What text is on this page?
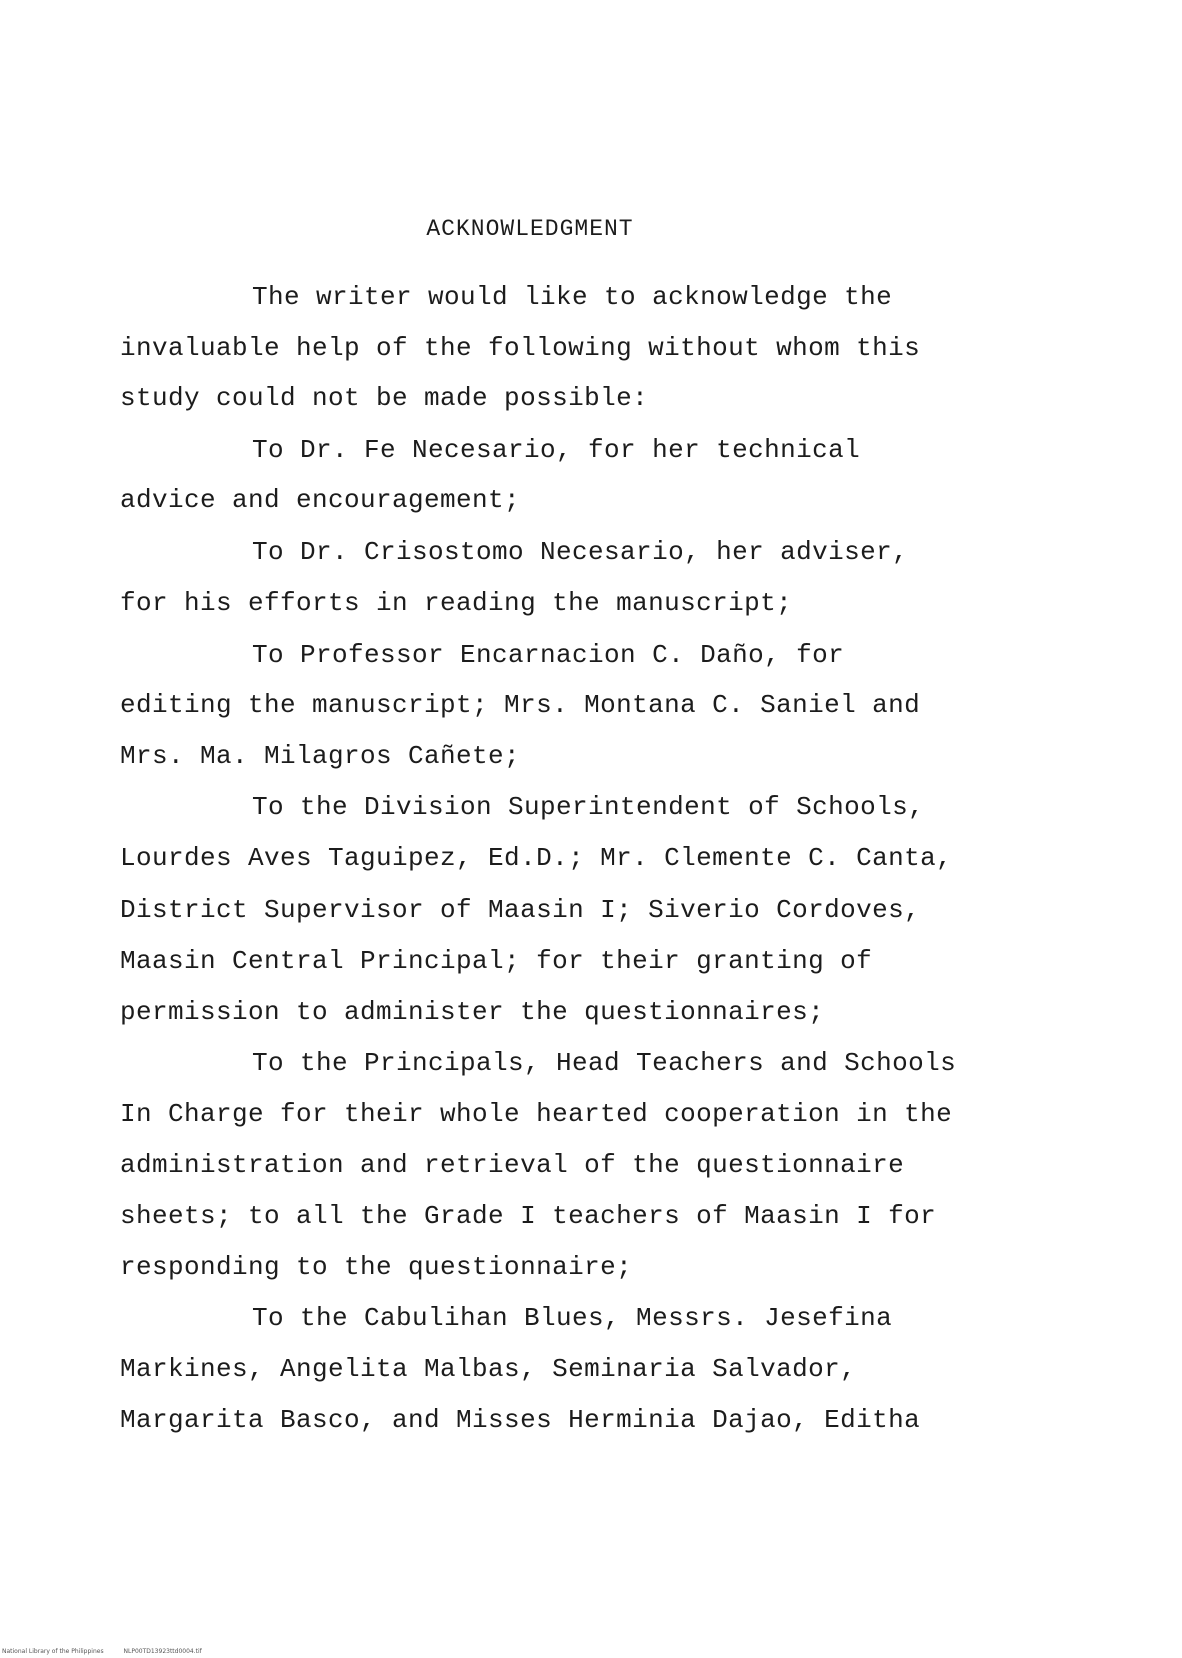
ACKNOWLEDGMENT
The writer would like to acknowledge the
invaluable help of the following without whom this
study could not be made possible:
To Dr. Fe Necesario, for her technical
advice and encouragement;
To Dr. Crisostomo Necesario, her adviser,
for his efforts in reading the manuscript;
To Professor Encarnacion C. Daño, for
editing the manuscript; Mrs. Montana C. Saniel and
Mrs. Ma. Milagros Cañete;
To the Division Superintendent of Schools,
Lourdes Aves Taguipez, Ed.D.; Mr. Clemente C. Canta,
District Supervisor of Maasin I; Siverio Cordoves,
Maasin Central Principal; for their granting of
permission to administer the questionnaires;
To the Principals, Head Teachers and Schools
In Charge for their whole hearted cooperation in the
administration and retrieval of the questionnaire
sheets; to all the Grade I teachers of Maasin I for
responding to the questionnaire;
To the Cabulihan Blues, Messrs. Jesefina
Markines, Angelita Malbas, Seminaria Salvador,
Margarita Basco, and Misses Herminia Dajao, Editha
National Library of the Philippines	NLP00TD13923ttd0004.tif
